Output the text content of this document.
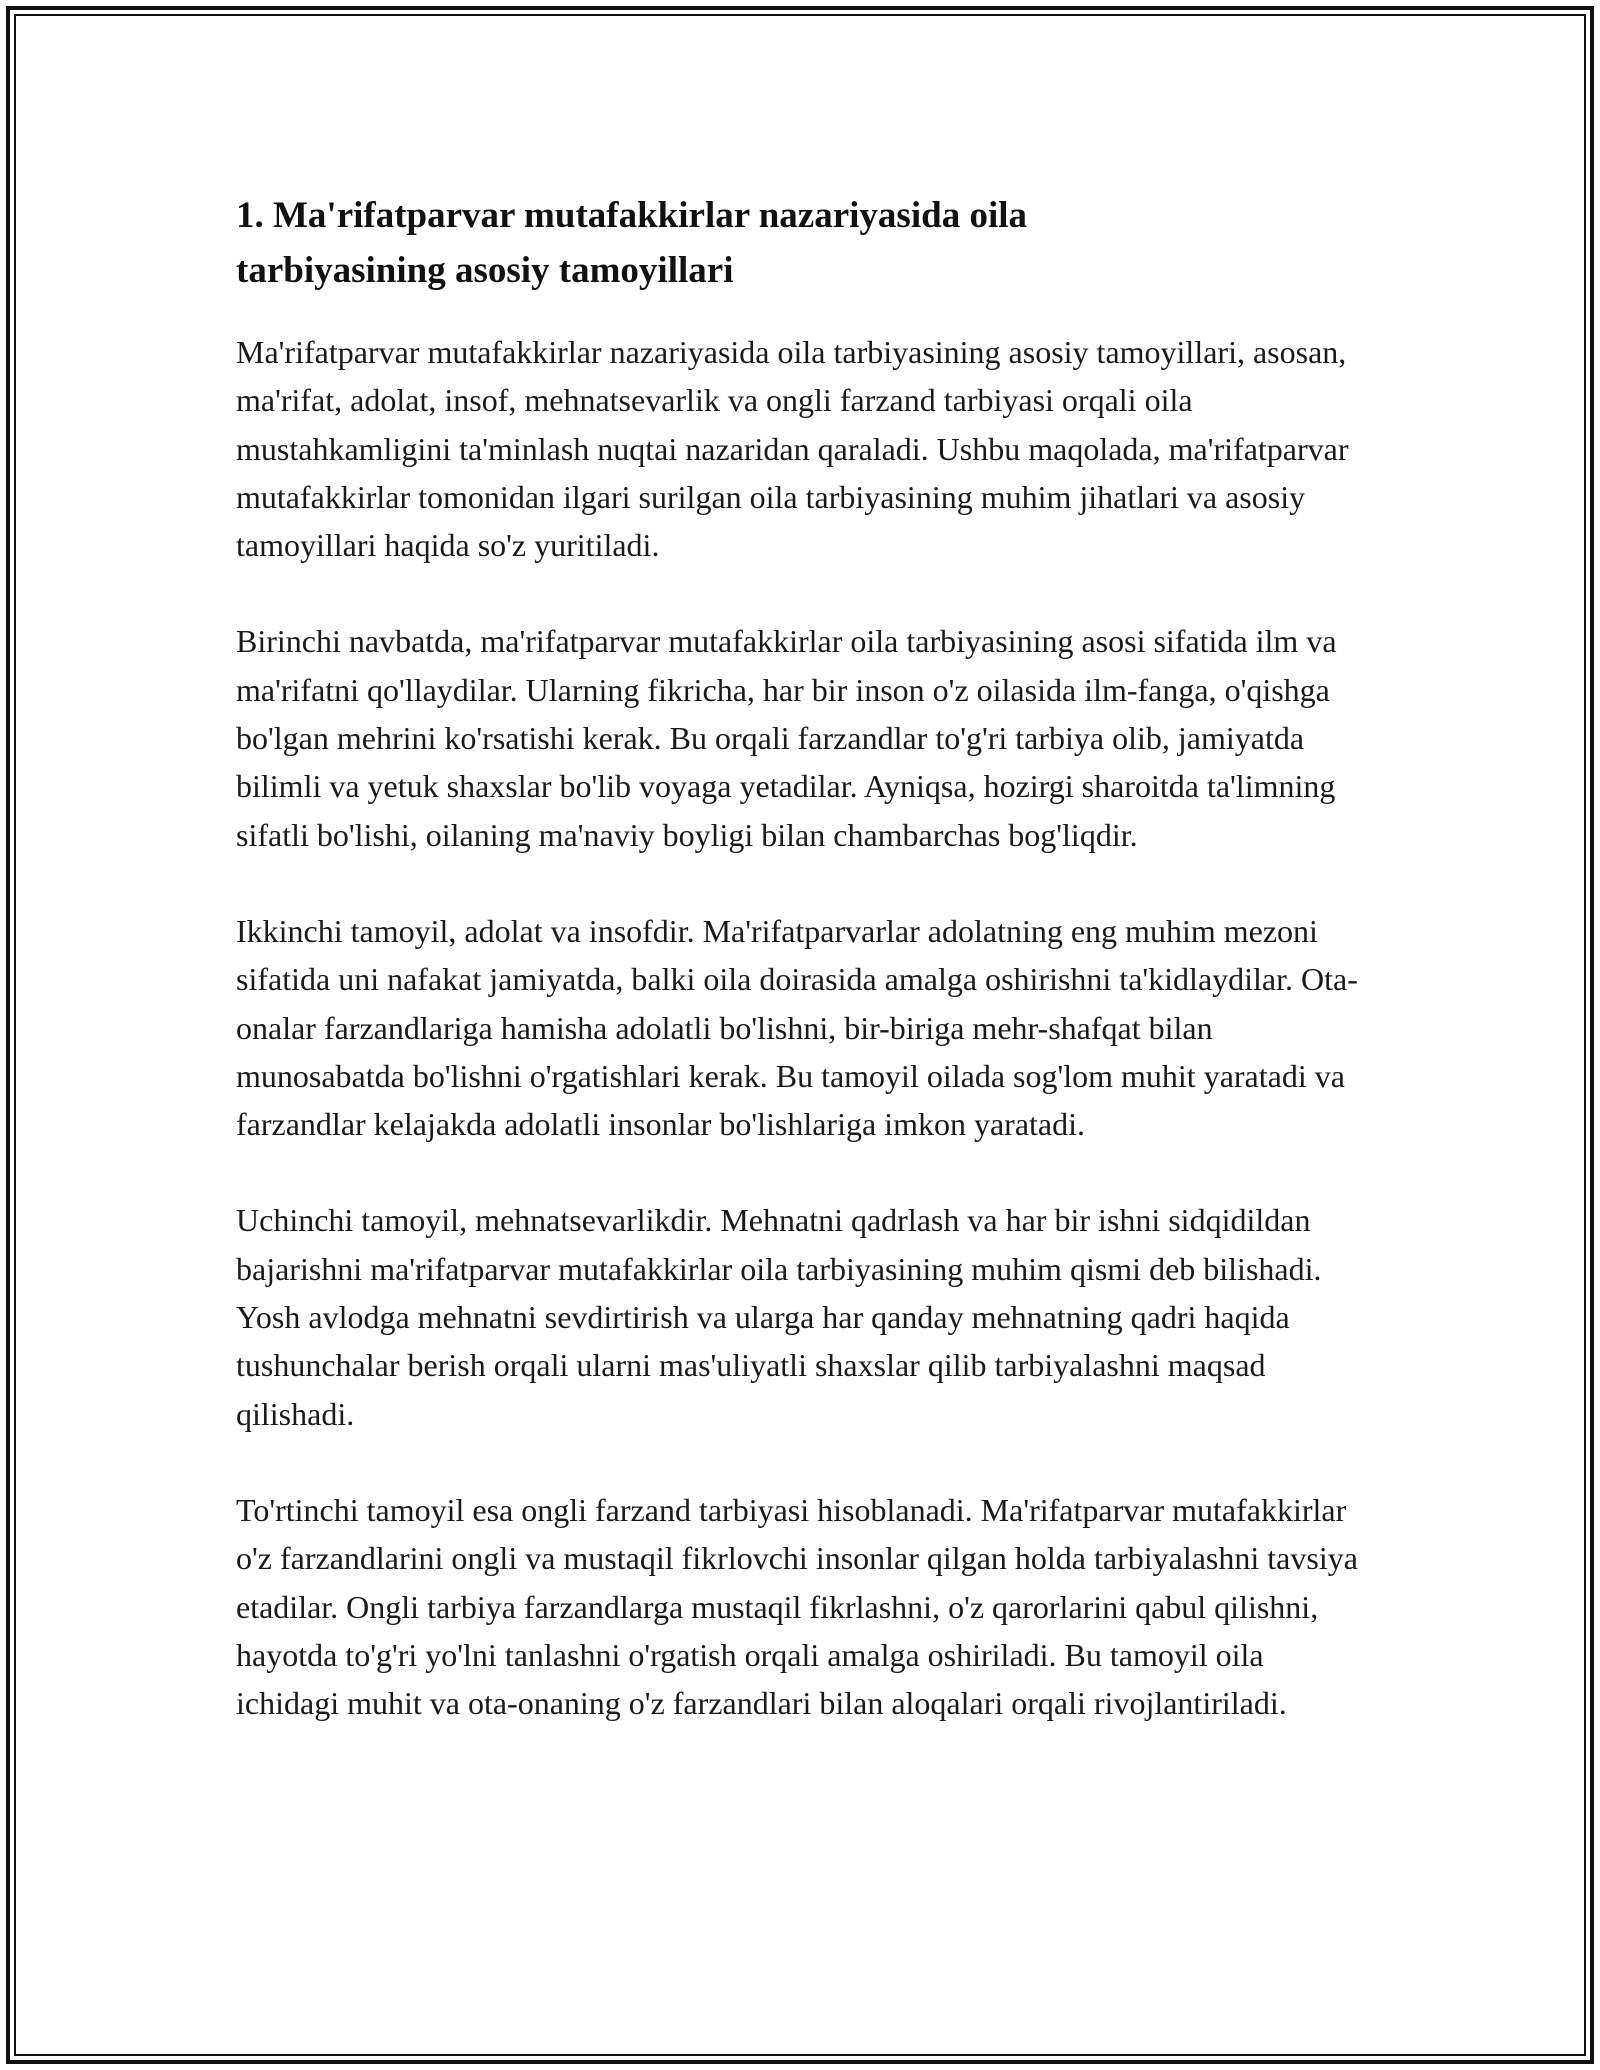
1. Ma'rifatparvar mutafakkirlar nazariyasida oila tarbiyasining asosiy tamoyillari

Ma'rifatparvar mutafakkirlar nazariyasida oila tarbiyasining asosiy tamoyillari, asosan, ma'rifat, adolat, insof, mehnatsevarlik va ongli farzand tarbiyasi orqali oila mustahkamligini ta'minlash nuqtai nazaridan qaraladi. Ushbu maqolada, ma'rifatparvar mutafakkirlar tomonidan ilgari surilgan oila tarbiyasining muhim jihatlari va asosiy tamoyillari haqida so'z yuritiladi.

Birinchi navbatda, ma'rifatparvar mutafakkirlar oila tarbiyasining asosi sifatida ilm va ma'rifatni qo'llaydilar. Ularning fikricha, har bir inson o'z oilasida ilm-fanga, o'qishga bo'lgan mehrini ko'rsatishi kerak. Bu orqali farzandlar to'g'ri tarbiya olib, jamiyatda bilimli va yetuk shaxslar bo'lib voyaga yetadilar. Ayniqsa, hozirgi sharoitda ta'limning sifatli bo'lishi, oilaning ma'naviy boyligi bilan chambarchas bog'liqdir.

Ikkinchi tamoyil, adolat va insofdir. Ma'rifatparvarlar adolatning eng muhim mezoni sifatida uni nafakat jamiyatda, balki oila doirasida amalga oshirishni ta'kidlaydilar. Ota-onalar farzandlariga hamisha adolatli bo'lishni, bir-biriga mehr-shafqat bilan munosabatda bo'lishni o'rgatishlari kerak. Bu tamoyil oilada sog'lom muhit yaratadi va farzandlar kelajakda adolatli insonlar bo'lishlariga imkon yaratadi.

Uchinchi tamoyil, mehnatsevarlikdir. Mehnatni qadrlash va har bir ishni sidqidildan bajarishni ma'rifatparvar mutafakkirlar oila tarbiyasining muhim qismi deb bilishadi. Yosh avlodga mehnatni sevdirtirish va ularga har qanday mehnatning qadri haqida tushunchalar berish orqali ularni mas'uliyatli shaxslar qilib tarbiyalashni maqsad qilishadi.

To'rtinchi tamoyil esa ongli farzand tarbiyasi hisoblanadi. Ma'rifatparvar mutafakkirlar o'z farzandlarini ongli va mustaqil fikrlovchi insonlar qilgan holda tarbiyalashni tavsiya etadilar. Ongli tarbiya farzandlarga mustaqil fikrlashni, o'z qarorlarini qabul qilishni, hayotda to'g'ri yo'lni tanlashni o'rgatish orqali amalga oshiriladi. Bu tamoyil oila ichidagi muhit va ota-onaning o'z farzandlari bilan aloqalari orqali rivojlantiriladi.
